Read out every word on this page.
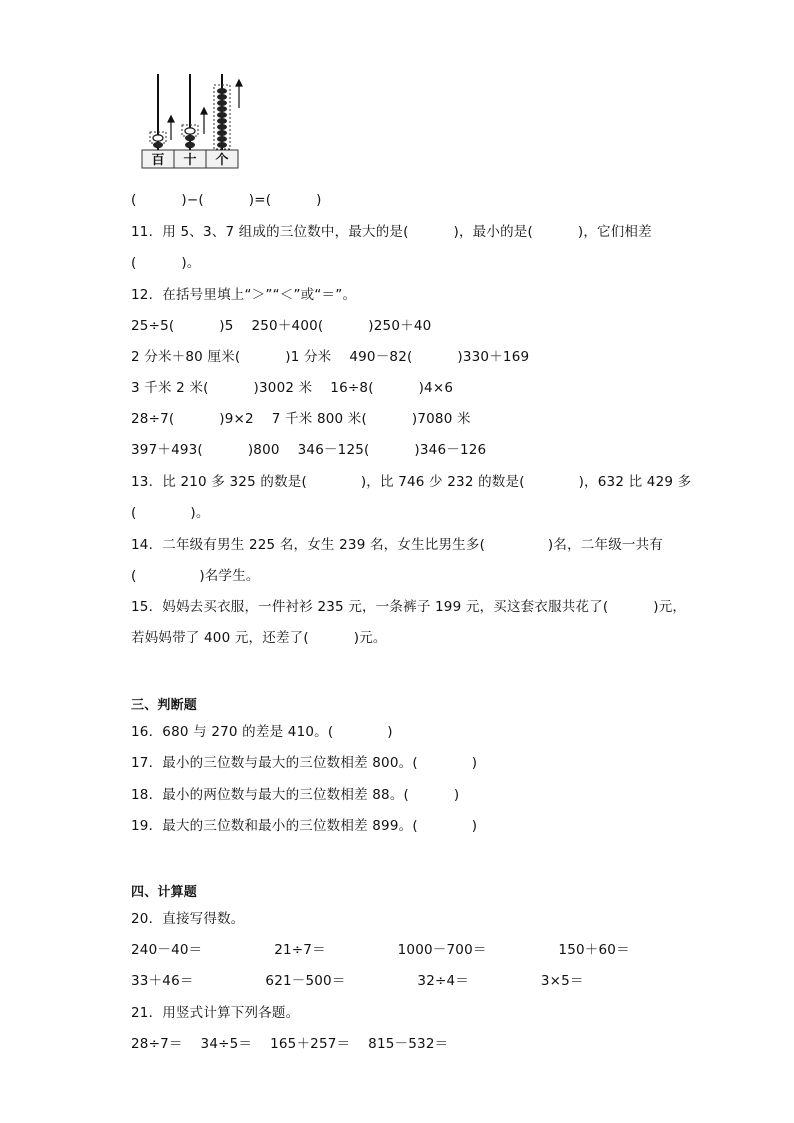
百 十 个
(          )−(          )=(          )
11．用 5、3、7 组成的三位数中，最大的是(          )，最小的是(          )，它们相差
(          )。
12．在括号里填上“＞”“＜”或“＝”。
25÷5(          )5    250＋400(          )250＋40
2 分米＋80 厘米(          )1 分米    490－82(          )330＋169
3 千米 2 米(          )3002 米    16÷8(          )4×6
28÷7(          )9×2    7 千米 800 米(          )7080 米
397＋493(          )800    346－125(          )346－126
13．比 210 多 325 的数是(            )，比 746 少 232 的数是(            )，632 比 429 多
(            )。
14．二年级有男生 225 名，女生 239 名，女生比男生多(              )名，二年级一共有
(              )名学生。
15．妈妈去买衣服，一件衬衫 235 元，一条裤子 199 元，买这套衣服共花了(          )元，
若妈妈带了 400 元，还差了(          )元。
三、判断题
16．680 与 270 的差是 410。(            )
17．最小的三位数与最大的三位数相差 800。(            )
18．最小的两位数与最大的三位数相差 88。(          )
19．最大的三位数和最小的三位数相差 899。(            )
四、计算题
20．直接写得数。
240－40＝                21÷7＝                1000－700＝                150＋60＝
33＋46＝                621－500＝                32÷4＝                3×5＝
21．用竖式计算下列各题。
28÷7＝    34÷5＝    165＋257＝    815－532＝
